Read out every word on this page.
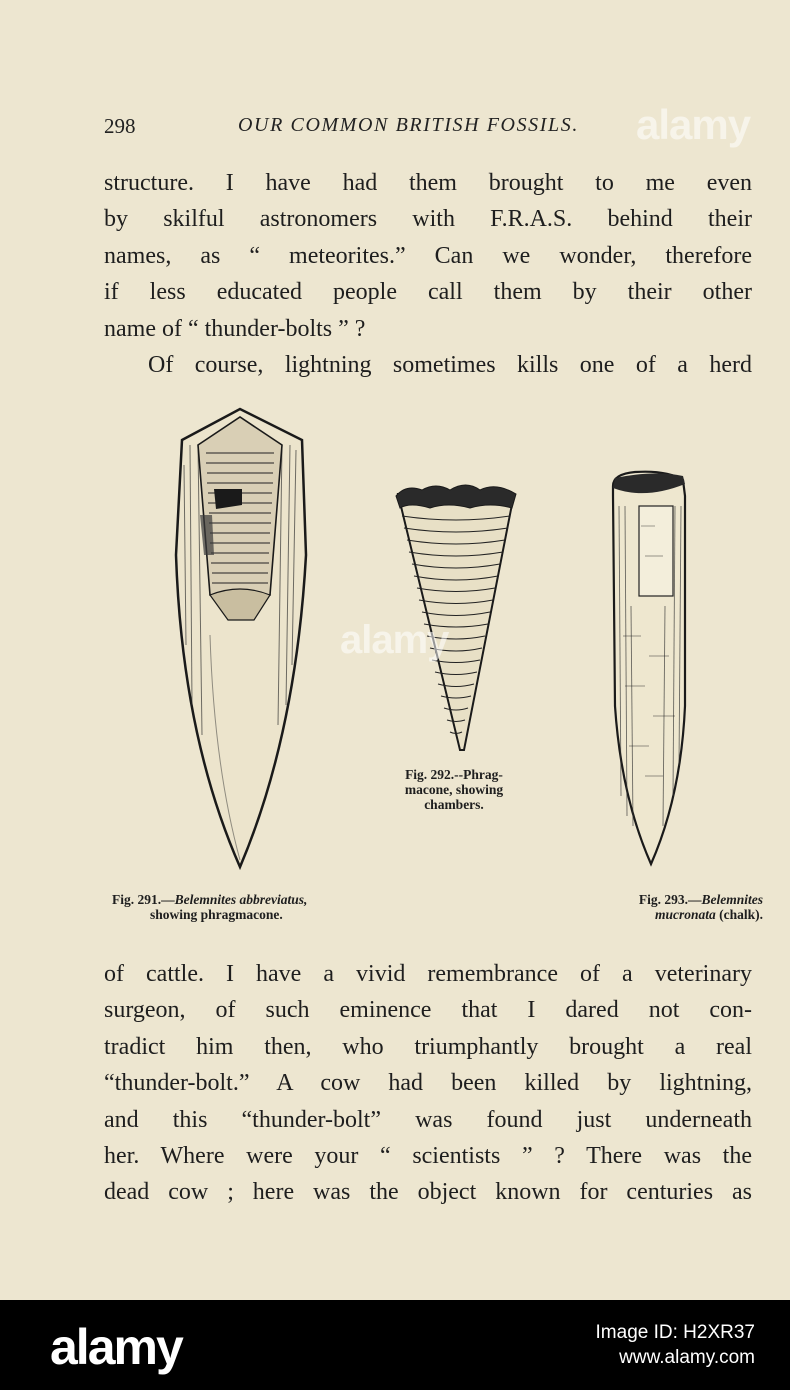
298	OUR COMMON BRITISH FOSSILS. alamy
structure. I have had them brought to me even
by skilful astronomers with F.R.A.S. behind their
names, as “ meteorites.” Can we wonder, therefore
if less educated people call them by their other
name of “ thunder-bolts ” ?
Of course, lightning sometimes kills one of a herd
alamy
Fig. 291.—Belemnites abbreviatus,
showing phragmacone.
Fig. 292.--Phrag-
macone, showing
chambers.
Fig. 293.—Belemnites
mucronata (chalk).
of cattle. I have a vivid remembrance of a veterinary
surgeon, of such eminence that I dared not con-
tradict him then, who triumphantly brought a real
“thunder-bolt.” A cow had been killed by lightning,
and this “thunder-bolt” was found just underneath
her. Where were your “ scientists ” ? There was the
dead cow ; here was the object known for centuries as
alamy	Image ID: H2XR37
www.alamy.com
